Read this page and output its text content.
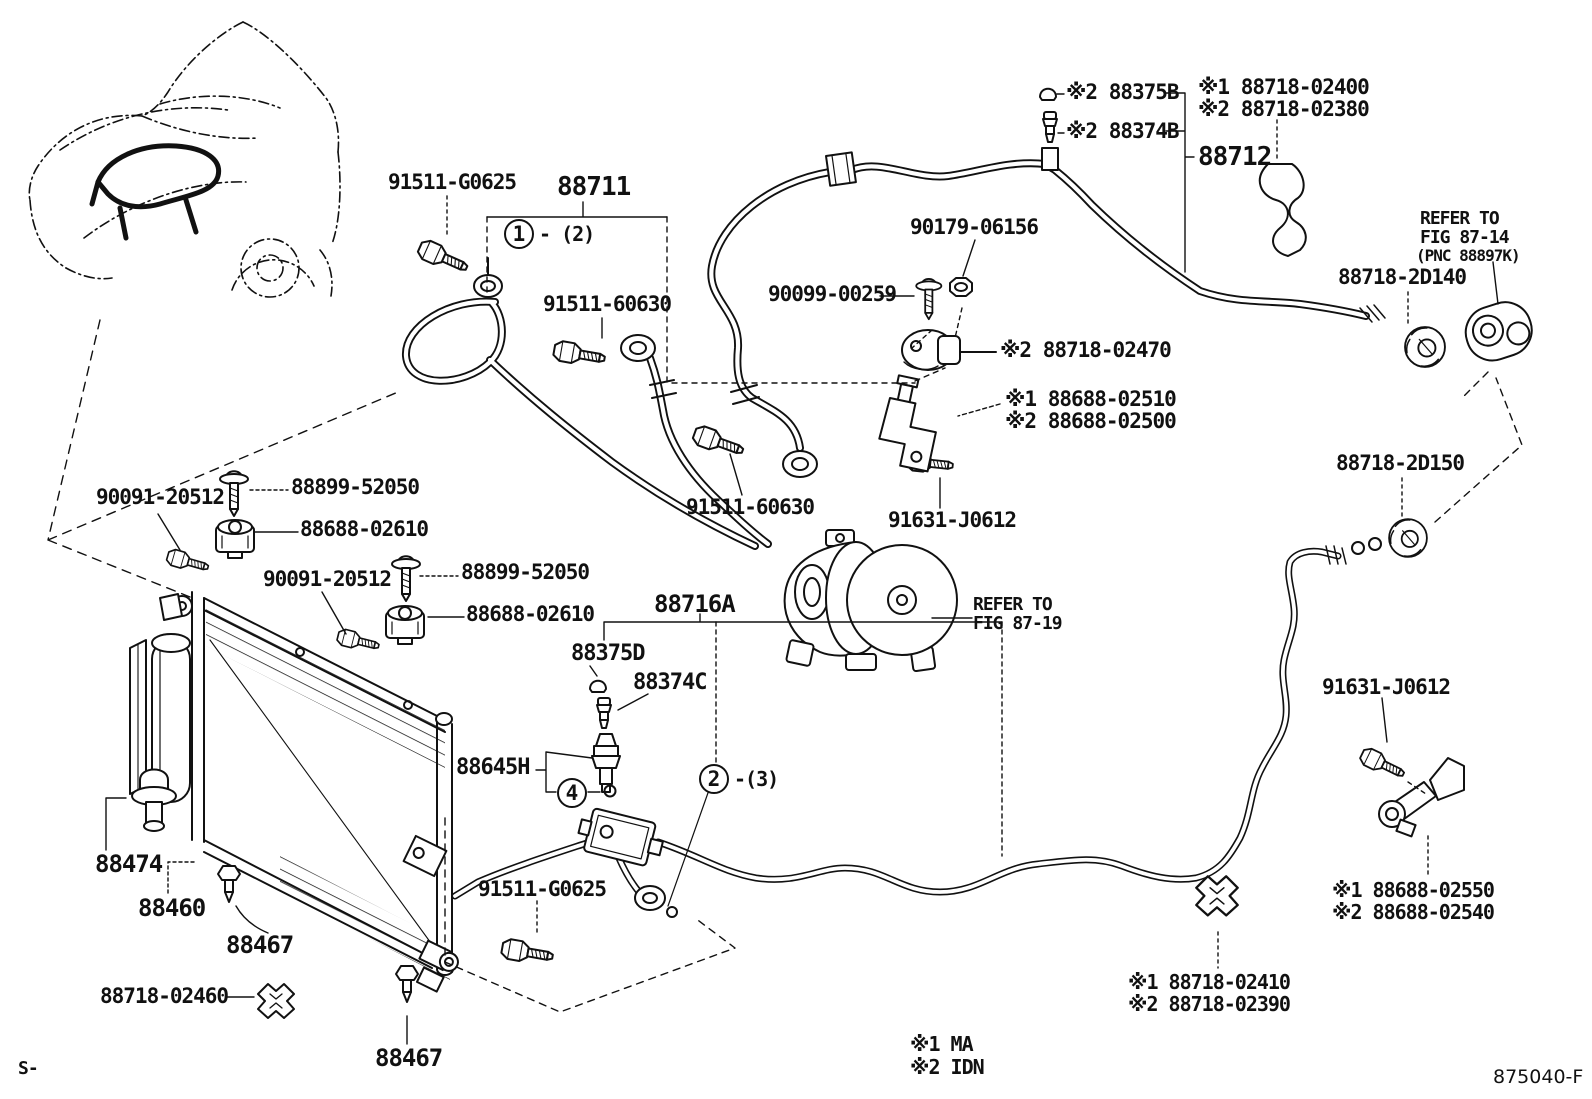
91511-G0625 88711
91511-60630
90179-06156
90099-00259
※2 88375B
※2 88374B
※1 88718-02400
※2 88718-02380
88712
REFER TO
FIG 87-14
(PNC 88897K)
88718-2D140
※2 88718-02470
※1 88688-02510
※2 88688-02500
91511-60630
91631-J0612
88718-2D150
90091-20512	88899-52050
88688-02610
90091-20512	88899-52050
88688-02610 88716A
88375D
88374C
88645H
REFER TO
FIG 87-19
91631-J0612
88474
88460
88467
88718-02460
91511-G0625	※1 88688-02550
※2 88688-02540
※1 88718-02410
※2 88718-02390
88467
1 - (2)
2 -(3)
4
※1 MA
※2 IDN	875040-F
S-
